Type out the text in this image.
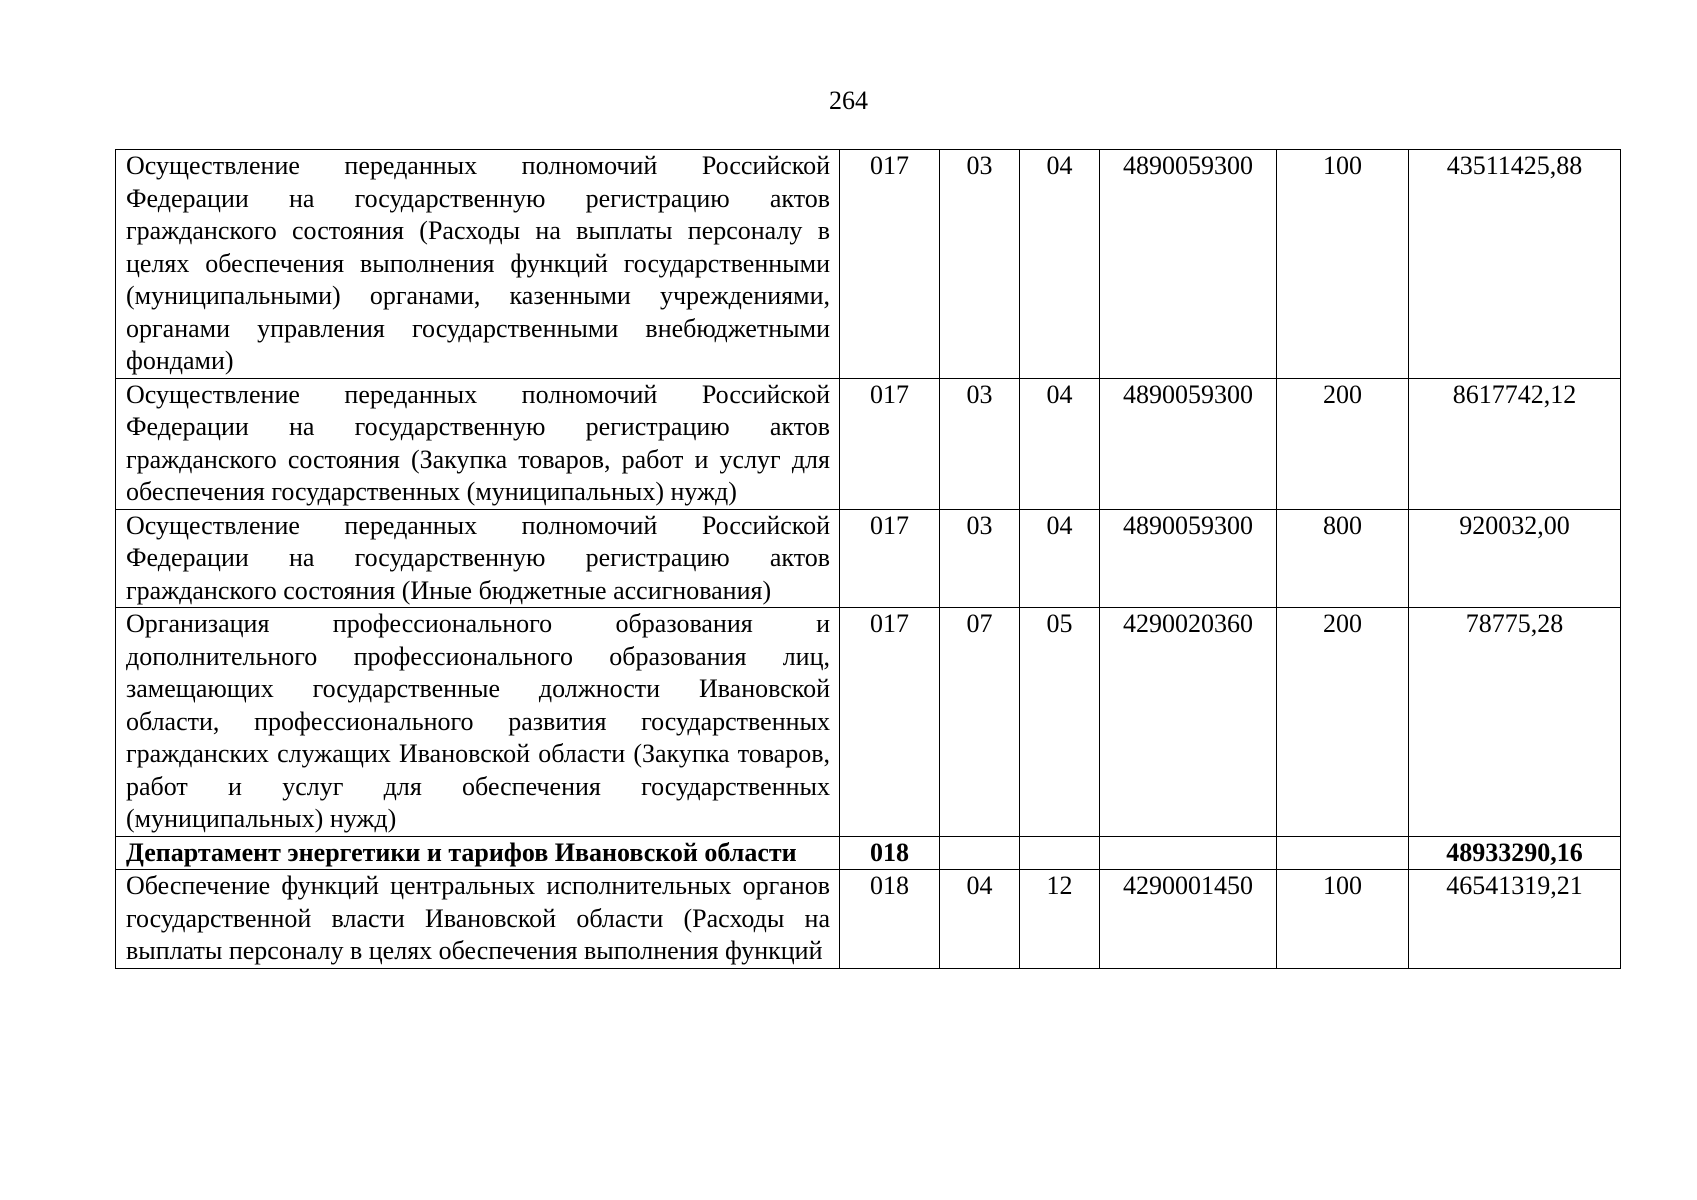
264
Осуществление переданных полномочий Российской Федерации на государственную регистрацию актов гражданского состояния (Расходы на выплаты персоналу в целях обеспечения выполнения функций государственными (муниципальными) органами, казенными учреждениями, органами управления государственными внебюджетными фондами)	017	03	04	4890059300	100	43511425,88
Осуществление переданных полномочий Российской Федерации на государственную регистрацию актов гражданского состояния (Закупка товаров, работ и услуг для обеспечения государственных (муниципальных) нужд)	017	03	04	4890059300	200	8617742,12
Осуществление переданных полномочий Российской Федерации на государственную регистрацию актов гражданского состояния (Иные бюджетные ассигнования)	017	03	04	4890059300	800	920032,00
Организация профессионального образования и дополнительного профессионального образования лиц, замещающих государственные должности Ивановской области, профессионального развития государственных гражданских служащих Ивановской области (Закупка товаров, работ и услуг для обеспечения государственных (муниципальных) нужд)	017	07	05	4290020360	200	78775,28
Департамент энергетики и тарифов Ивановской области	018					48933290,16
Обеспечение функций центральных исполнительных органов государственной власти Ивановской области (Расходы на выплаты персоналу в целях обеспечения выполнения функций	018	04	12	4290001450	100	46541319,21
